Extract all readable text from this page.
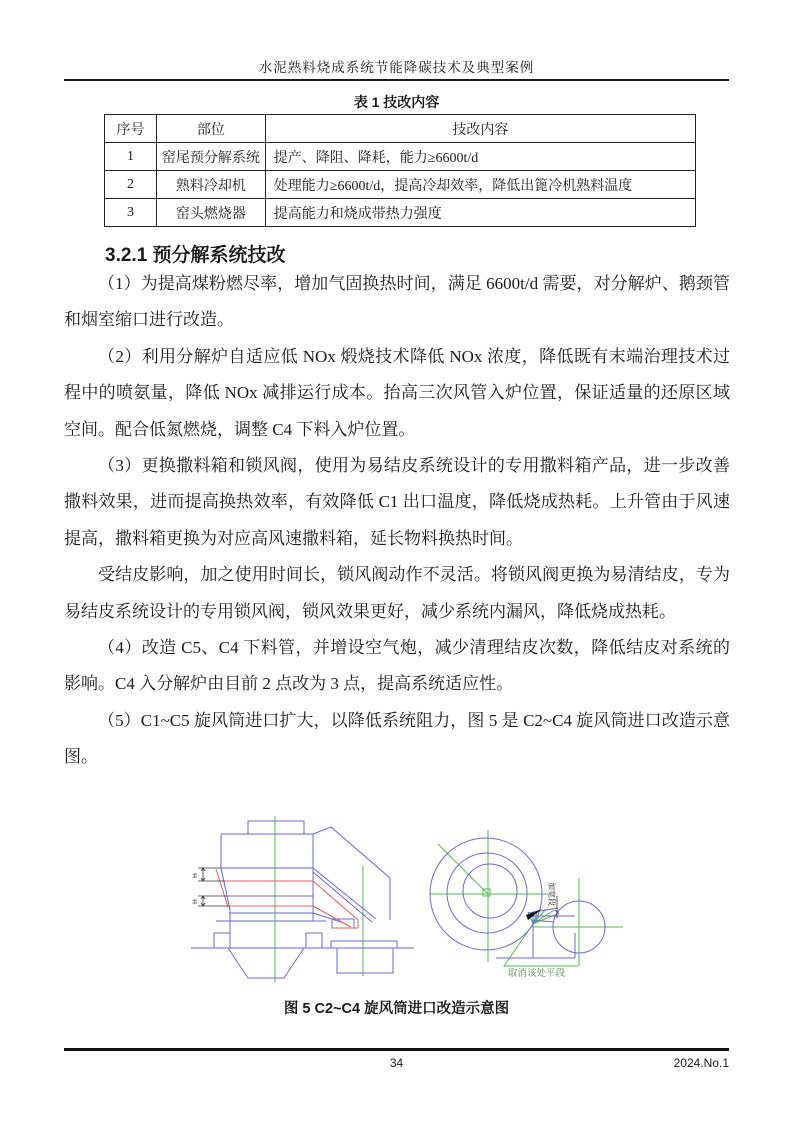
水泥熟料烧成系统节能降碳技术及典型案例
表 1 技改内容
序号	部位	技改内容
1	窑尾预分解系统	提产、降阻、降耗，能力≥6600t/d
2	熟料冷却机	处理能力≥6600t/d，提高冷却效率，降低出篦冷机熟料温度
3	窑头燃烧器	提高能力和烧成带热力强度
3.2.1 预分解系统技改

（1）为提高煤粉燃尽率，增加气固换热时间，满足 6600t/d 需要，对分解炉、鹅颈管和烟室缩口进行改造。

（2）利用分解炉自适应低 NOx 煅烧技术降低 NOx 浓度，降低既有末端治理技术过程中的喷氨量，降低 NOx 减排运行成本。抬高三次风管入炉位置，保证适量的还原区域空间。配合低氮燃烧，调整 C4 下料入炉位置。

（3）更换撒料箱和锁风阀，使用为易结皮系统设计的专用撒料箱产品，进一步改善撒料效果，进而提高换热效率，有效降低 C1 出口温度，降低烧成热耗。上升管由于风速提高，撒料箱更换为对应高风速撒料箱，延长物料换热时间。

受结皮影响，加之使用时间长，锁风阀动作不灵活。将锁风阀更换为易清结皮，专为易结皮系统设计的专用锁风阀，锁风效果更好，减少系统内漏风，降低烧成热耗。

（4）改造 C5、C4 下料管，并增设空气炮，减少清理结皮次数，降低结皮对系统的影响。C4 入分解炉由目前 2 点改为 3 点，提高系统适应性。

（5）C1~C5 旋风筒进口扩大，以降低系统阻力，图 5 是 C2~C4 旋风筒进口改造示意图。

H
H	加宽段
取消该处平段
图 5 C2~C4 旋风筒进口改造示意图
34	2024.No.1
